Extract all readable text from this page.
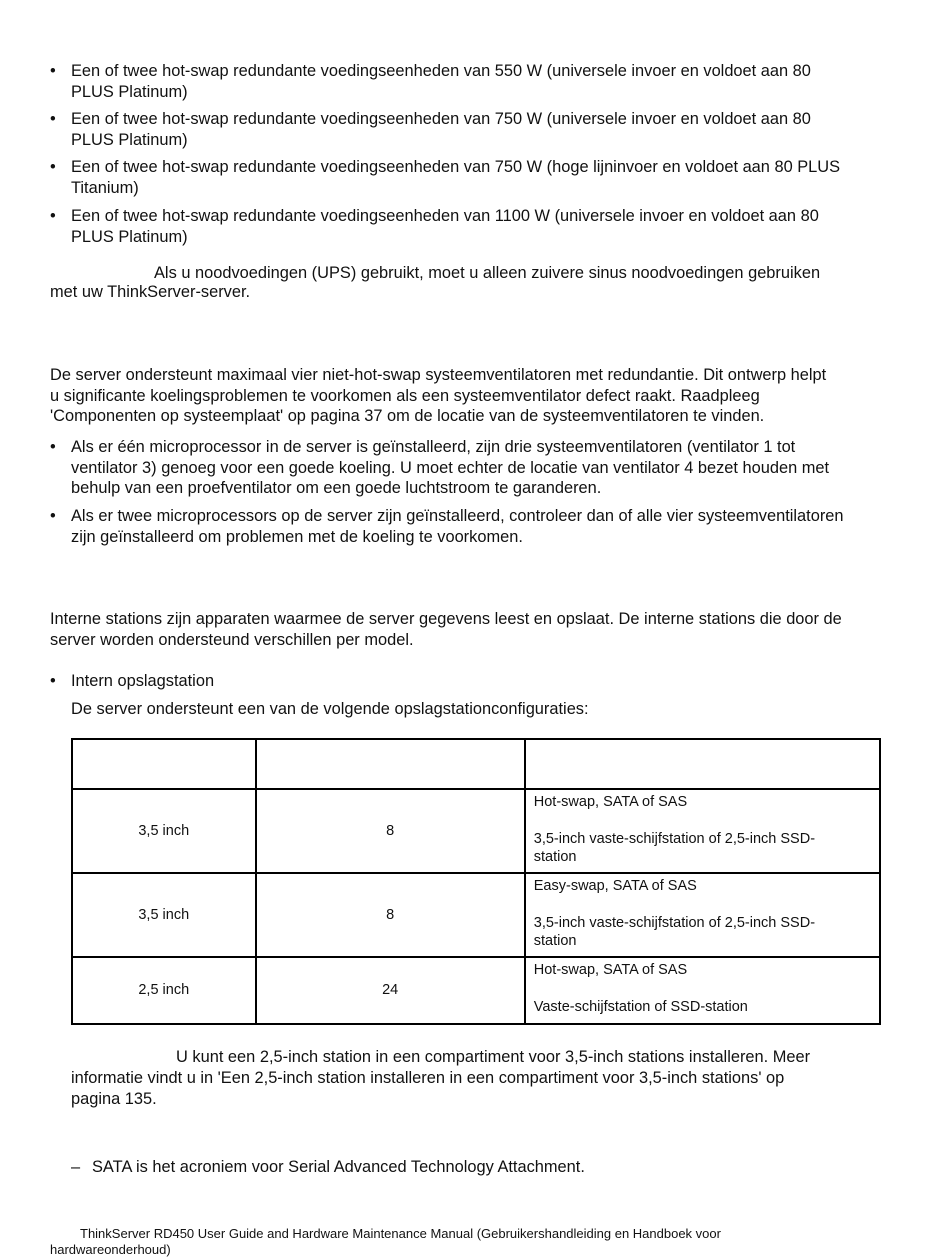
• Een of twee hot-swap redundante voedingseenheden van 550 W (universele invoer en voldoet aan 80
PLUS Platinum)
• Een of twee hot-swap redundante voedingseenheden van 750 W (universele invoer en voldoet aan 80
PLUS Platinum)
• Een of twee hot-swap redundante voedingseenheden van 750 W (hoge lijninvoer en voldoet aan 80 PLUS
Titanium)
• Een of twee hot-swap redundante voedingseenheden van 1100 W (universele invoer en voldoet aan 80
PLUS Platinum)
Als u noodvoedingen (UPS) gebruikt, moet u alleen zuivere sinus noodvoedingen gebruiken
met uw ThinkServer-server.
De server ondersteunt maximaal vier niet-hot-swap systeemventilatoren met redundantie. Dit ontwerp helpt
u significante koelingsproblemen te voorkomen als een systeemventilator defect raakt. Raadpleeg
'Componenten op systeemplaat' op pagina 37 om de locatie van de systeemventilatoren te vinden.
• Als er één microprocessor in de server is geïnstalleerd, zijn drie systeemventilatoren (ventilator 1 tot
ventilator 3) genoeg voor een goede koeling. U moet echter de locatie van ventilator 4 bezet houden met
behulp van een proefventilator om een goede luchtstroom te garanderen.
• Als er twee microprocessors op de server zijn geïnstalleerd, controleer dan of alle vier systeemventilatoren
zijn geïnstalleerd om problemen met de koeling te voorkomen.
Interne stations zijn apparaten waarmee de server gegevens leest en opslaat. De interne stations die door de
server worden ondersteund verschillen per model.
• Intern opslagstation
De server ondersteunt een van de volgende opslagstationconfiguraties:

3,5 inch	8	Hot-swap, SATA of SAS

3,5-inch vaste-schijfstation of 2,5-inch SSD-
station

3,5 inch	8	Easy-swap, SATA of SAS

3,5-inch vaste-schijfstation of 2,5-inch SSD-
station

2,5 inch	24	Hot-swap, SATA of SAS

Vaste-schijfstation of SSD-station

U kunt een 2,5-inch station in een compartiment voor 3,5-inch stations installeren. Meer
informatie vindt u in 'Een 2,5-inch station installeren in een compartiment voor 3,5-inch stations' op
pagina 135.
– SATA is het acroniem voor Serial Advanced Technology Attachment.
ThinkServer RD450 User Guide and Hardware Maintenance Manual (Gebruikershandleiding en Handboek voor
hardwareonderhoud)
